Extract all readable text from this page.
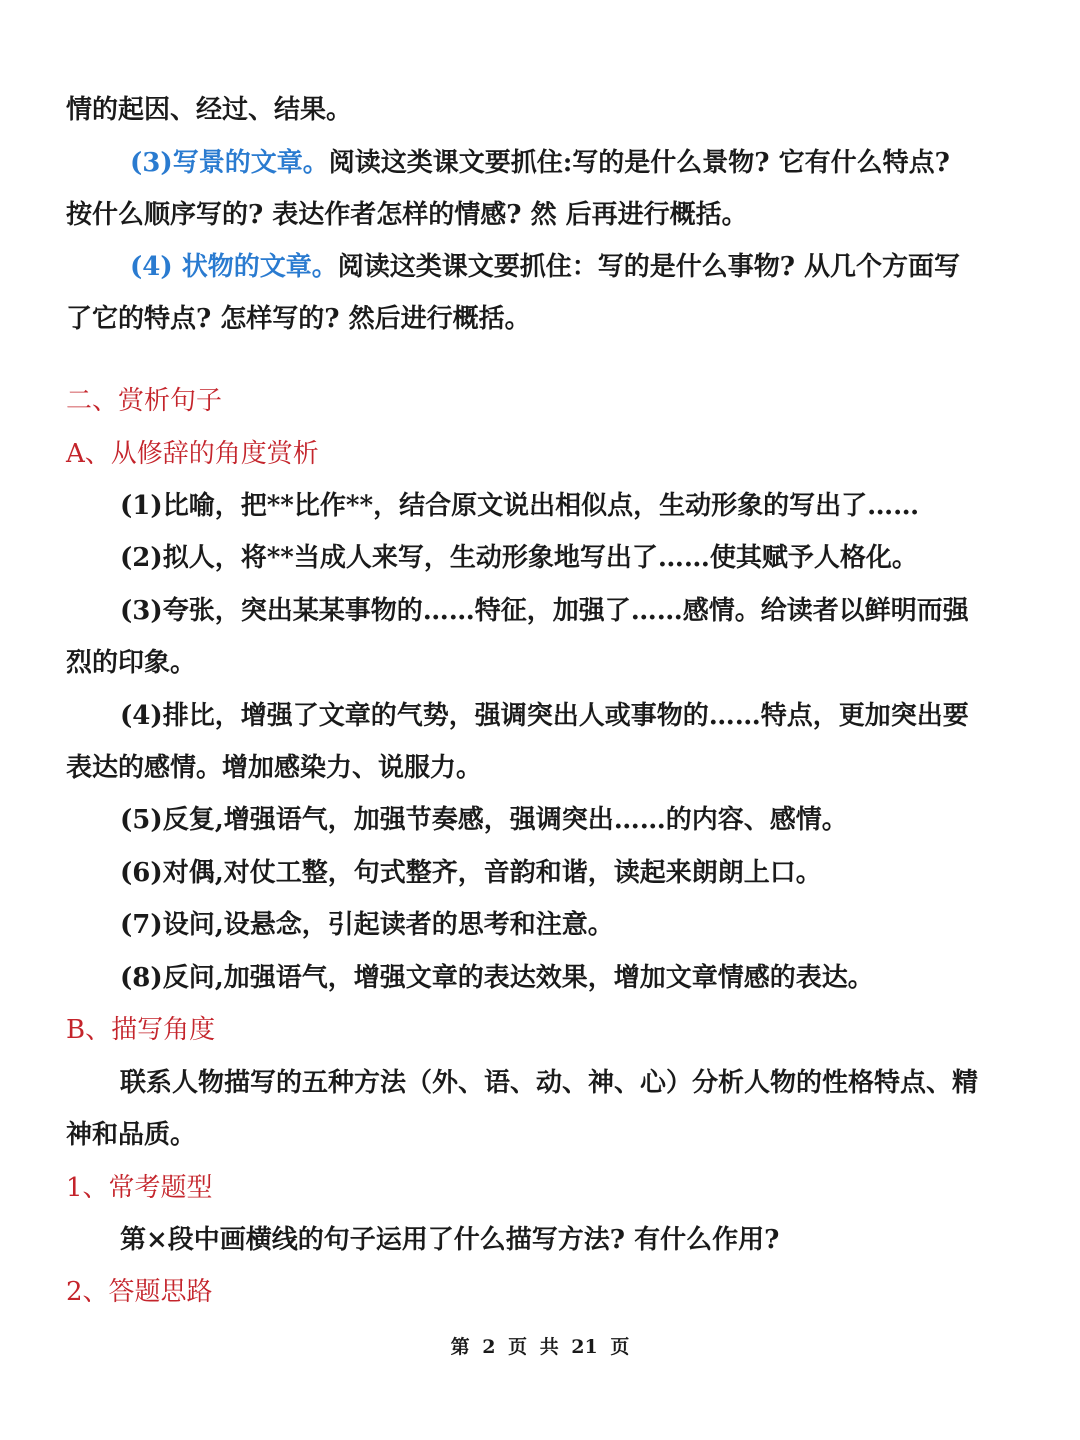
情的起因、经过、结果。
(3)写景的文章。阅读这类课文要抓住:写的是什么景物? 它有什么特点?
按什么顺序写的? 表达作者怎样的情感? 然 后再进行概括。
(4) 状物的文章。阅读这类课文要抓住：写的是什么事物? 从几个方面写
了它的特点? 怎样写的? 然后进行概括。
二、赏析句子
A、从修辞的角度赏析
(1)比喻，把**比作**，结合原文说出相似点，生动形象的写出了……
(2)拟人，将**当成人来写，生动形象地写出了……使其赋予人格化。
(3)夸张，突出某某事物的……特征，加强了……感情。给读者以鲜明而强
烈的印象。
(4)排比，增强了文章的气势，强调突出人或事物的……特点，更加突出要
表达的感情。增加感染力、说服力。
(5)反复,增强语气，加强节奏感，强调突出……的内容、感情。
(6)对偶,对仗工整，句式整齐，音韵和谐，读起来朗朗上口。
(7)设问,设悬念，引起读者的思考和注意。
(8)反问,加强语气，增强文章的表达效果，增加文章情感的表达。
B、描写角度
联系人物描写的五种方法（外、语、动、神、心）分析人物的性格特点、精
神和品质。
1、常考题型
第×段中画横线的句子运用了什么描写方法? 有什么作用?
2、答题思路
第 2 页 共 21 页
